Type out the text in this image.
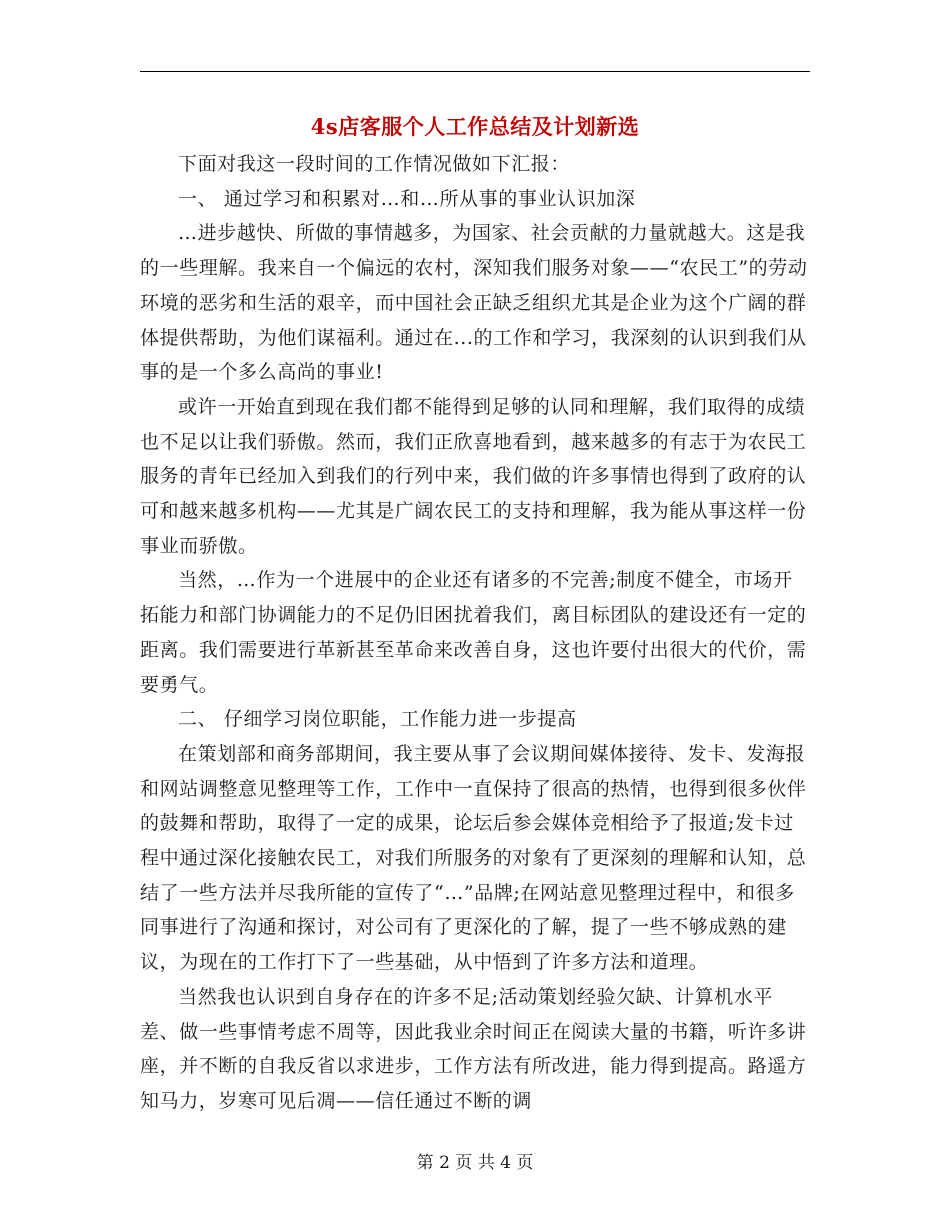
4s店客服个人工作总结及计划新选

下面对我这一段时间的工作情况做如下汇报：

一、 通过学习和积累对…和…所从事的事业认识加深

…进步越快、所做的事情越多，为国家、社会贡献的力量就越大。这是我的一些理解。我来自一个偏远的农村，深知我们服务对象——“农民工”的劳动环境的恶劣和生活的艰辛，而中国社会正缺乏组织尤其是企业为这个广阔的群体提供帮助，为他们谋福利。通过在...的工作和学习，我深刻的认识到我们从事的是一个多么高尚的事业!

或许一开始直到现在我们都不能得到足够的认同和理解，我们取得的成绩也不足以让我们骄傲。然而，我们正欣喜地看到，越来越多的有志于为农民工服务的青年已经加入到我们的行列中来，我们做的许多事情也得到了政府的认可和越来越多机构——尤其是广阔农民工的支持和理解，我为能从事这样一份事业而骄傲。

当然，…作为一个进展中的企业还有诸多的不完善;制度不健全，市场开拓能力和部门协调能力的不足仍旧困扰着我们，离目标团队的建设还有一定的距离。我们需要进行革新甚至革命来改善自身，这也许要付出很大的代价，需要勇气。

二、 仔细学习岗位职能，工作能力进一步提高

在策划部和商务部期间，我主要从事了会议期间媒体接待、发卡、发海报和网站调整意见整理等工作，工作中一直保持了很高的热情，也得到很多伙伴的鼓舞和帮助，取得了一定的成果，论坛后参会媒体竞相给予了报道;发卡过程中通过深化接触农民工，对我们所服务的对象有了更深刻的理解和认知，总结了一些方法并尽我所能的宣传了“…”品牌;在网站意见整理过程中，和很多同事进行了沟通和探讨，对公司有了更深化的了解，提了一些不够成熟的建议，为现在的工作打下了一些基础，从中悟到了许多方法和道理。

当然我也认识到自身存在的许多不足;活动策划经验欠缺、计算机水平差、做一些事情考虑不周等，因此我业余时间正在阅读大量的书籍，听许多讲座，并不断的自我反省以求进步，工作方法有所改进，能力得到提高。路遥方知马力，岁寒可见后凋——信任通过不断的调

第 2 页 共 4 页
